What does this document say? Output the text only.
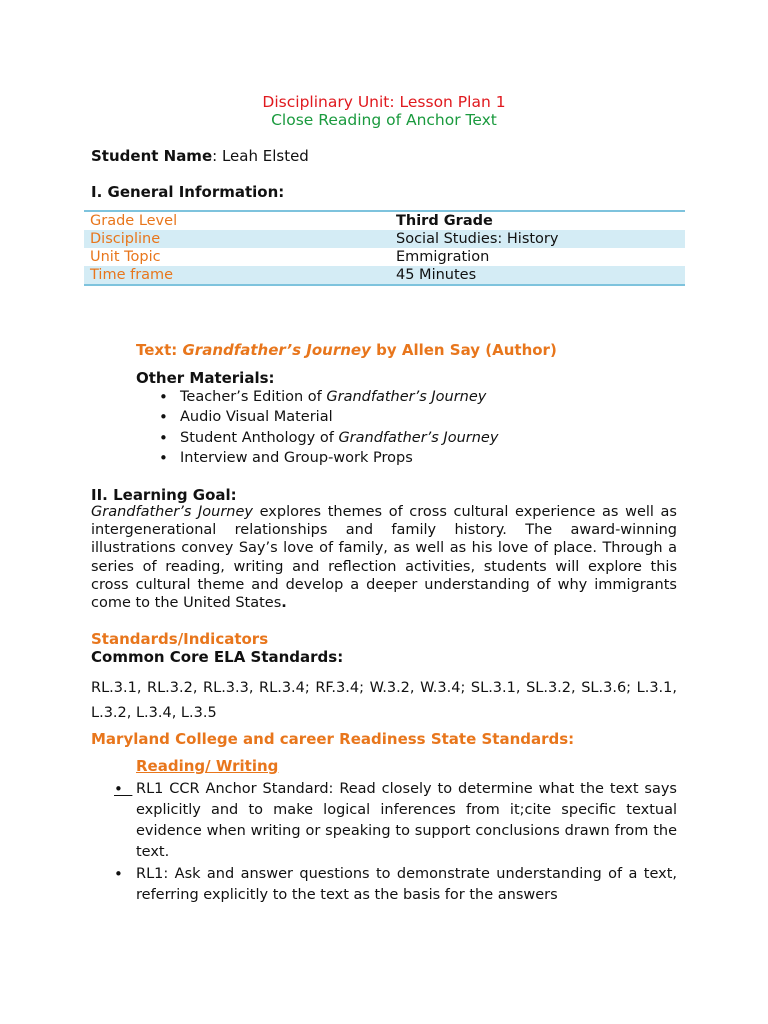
Disciplinary Unit: Lesson Plan 1
Close Reading of Anchor Text
Student Name: Leah Elsted
I. General Information:
Grade Level	Third Grade
Discipline	Social Studies: History
Unit Topic	Emmigration
Time frame	45 Minutes
Text: Grandfather’s Journey by Allen Say (Author)
Other Materials:
• Teacher’s Edition of Grandfather’s Journey
• Audio Visual Material
• Student Anthology of Grandfather’s Journey
• Interview and Group-work Props
II. Learning Goal:
Grandfather’s Journey explores themes of cross cultural experience as well as intergenerational relationships and family history. The award-winning illustrations convey Say’s love of family, as well as his love of place. Through a series of reading, writing and reflection activities, students will explore this cross cultural theme and develop a deeper understanding of why immigrants come to the United States.
Standards/Indicators
Common Core ELA Standards:
RL.3.1, RL.3.2, RL.3.3, RL.3.4; RF.3.4; W.3.2, W.3.4; SL.3.1, SL.3.2, SL.3.6; L.3.1, L.3.2, L.3.4, L.3.5
Maryland College and career Readiness State Standards:
Reading/ Writing
• RL1 CCR Anchor Standard: Read closely to determine what the text says explicitly and to make logical inferences from it;cite specific textual evidence when writing or speaking to support conclusions drawn from the text.
• RL1: Ask and answer questions to demonstrate understanding of a text, referring explicitly to the text as the basis for the answers
